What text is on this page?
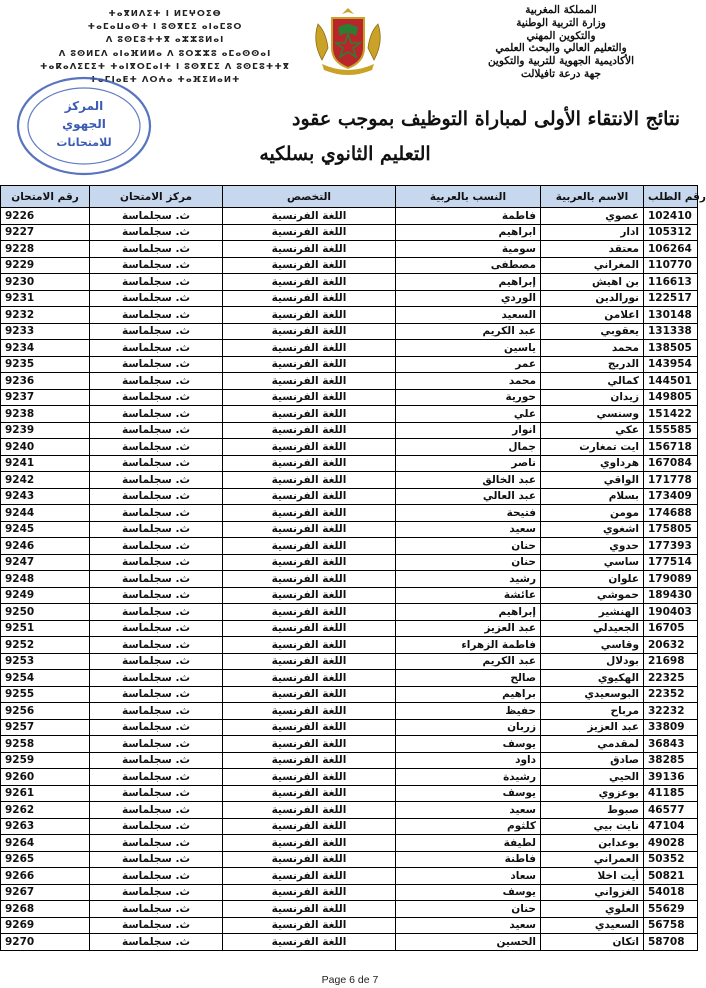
ⵜⴰⴳⵍⴷⵉⵜ ⵏ ⵍⵎⵖⵔⵉⴱ
ⵜⴰⵎⴰⵡⴰⵙⵜ ⵏ ⵓⵙⴳⵎⵉ ⴰⵏⴰⵎⵓⵔ
ⴷ ⵓⵙⵎⵓⵜⵜⴳ ⴰⵣⵣⵓⵍⴰⵏ
ⴷ ⵓⵙⵍⵎⴷ ⴰⵏⴰⴼⵍⵍⴰ ⴷ ⵓⵔⵣⵣⵓ ⴰⵎⴰⵙⵙⴰⵏ
ⵜⴰⴽⴰⴷⵉⵎⵉⵜ ⵜⴰⵏⴳⵔⵎⴰⵏⵜ ⵏ ⵓⵙⴳⵎⵉ ⴷ ⵓⵙⵎⵓⵜⵜⴳ
ⵜⴰⵎⵏⴰⴹⵜ ⴷⵔⵄⴰ ⵜⴰⴼⵉⵍⴰⵍⵜ
المملكة المغربية
وزارة التربية الوطنية
والتكوين المهني
والتعليم العالي والبحث العلمي
الأكاديمية الجهوية للتربية والتكوين
جهة درعة تافيلالت
المركز
الجهوي
للامتحانات
نتائج الانتقاء الأولى لمباراة التوظيف بموجب عقود
التعليم الثانوي بسلكيه
رقم الامتحان	مركز الامتحان	التخصص	النسب بالعربية	الاسم بالعربية	رقم الطلب
9226	ث. سجلماسة	اللغة الفرنسية	فاطمة	عصوي	102410
9227	ث. سجلماسة	اللغة الفرنسية	ابراهيم	ادار	105312
9228	ث. سجلماسة	اللغة الفرنسية	سومية	معتقد	106264
9229	ث. سجلماسة	اللغة الفرنسية	مصطفى	المغراني	110770
9230	ث. سجلماسة	اللغة الفرنسية	إبراهيم	بن اهيش	116613
9231	ث. سجلماسة	اللغة الفرنسية	الوردي	نورالدين	122517
9232	ث. سجلماسة	اللغة الفرنسية	السعيد	اعلامن	130148
9233	ث. سجلماسة	اللغة الفرنسية	عبد الكريم	يعقوبي	131338
9234	ث. سجلماسة	اللغة الفرنسية	ياسين	محمد	138505
9235	ث. سجلماسة	اللغة الفرنسية	عمر	الدريج	143954
9236	ث. سجلماسة	اللغة الفرنسية	محمد	كمالي	144501
9237	ث. سجلماسة	اللغة الفرنسية	حورية	زيدان	149805
9238	ث. سجلماسة	اللغة الفرنسية	علي	وسنسي	151422
9239	ث. سجلماسة	اللغة الفرنسية	انوار	عكي	155585
9240	ث. سجلماسة	اللغة الفرنسية	جمال	ايت تمغارت	156718
9241	ث. سجلماسة	اللغة الفرنسية	ناصر	هرداوي	167084
9242	ث. سجلماسة	اللغة الفرنسية	عبد الخالق	الواقي	171778
9243	ث. سجلماسة	اللغة الفرنسية	عبد العالي	بسلام	173409
9244	ث. سجلماسة	اللغة الفرنسية	فتيحة	مومن	174688
9245	ث. سجلماسة	اللغة الفرنسية	سعيد	اشغوي	175805
9246	ث. سجلماسة	اللغة الفرنسية	حنان	حدوي	177393
9247	ث. سجلماسة	اللغة الفرنسية	حنان	ساسي	177514
9248	ث. سجلماسة	اللغة الفرنسية	رشيد	علوان	179089
9249	ث. سجلماسة	اللغة الفرنسية	عائشة	حموشي	189430
9250	ث. سجلماسة	اللغة الفرنسية	إبراهيم	الهنشير	190403
9251	ث. سجلماسة	اللغة الفرنسية	عبد العزيز	الجعيدلي	16705
9252	ث. سجلماسة	اللغة الفرنسية	فاطمة الزهراء	وقاسي	20632
9253	ث. سجلماسة	اللغة الفرنسية	عبد الكريم	بودلال	21698
9254	ث. سجلماسة	اللغة الفرنسية	صالح	الهكيوي	22325
9255	ث. سجلماسة	اللغة الفرنسية	براهيم	البوسعيدي	22352
9256	ث. سجلماسة	اللغة الفرنسية	حفيظ	مرباح	32232
9257	ث. سجلماسة	اللغة الفرنسية	زربان	عبد العزيز	33809
9258	ث. سجلماسة	اللغة الفرنسية	يوسف	لمقدمي	36843
9259	ث. سجلماسة	اللغة الفرنسية	داود	صادق	38285
9260	ث. سجلماسة	اللغة الفرنسية	رشيدة	الحيي	39136
9261	ث. سجلماسة	اللغة الفرنسية	يوسف	بوعزوي	41185
9262	ث. سجلماسة	اللغة الفرنسية	سعيد	صبوط	46577
9263	ث. سجلماسة	اللغة الفرنسية	كلثوم	نايت بيي	47104
9264	ث. سجلماسة	اللغة الفرنسية	لطيفة	بوعدابن	49028
9265	ث. سجلماسة	اللغة الفرنسية	فاطنة	العمراني	50352
9266	ث. سجلماسة	اللغة الفرنسية	سعاد	أيت اخلا	50821
9267	ث. سجلماسة	اللغة الفرنسية	يوسف	الغزواني	54018
9268	ث. سجلماسة	اللغة الفرنسية	حنان	العلوي	55629
9269	ث. سجلماسة	اللغة الفرنسية	سعيد	السعيدي	56758
9270	ث. سجلماسة	اللغة الفرنسية	الحسين	اتكان	58708
Page 6 de 7
